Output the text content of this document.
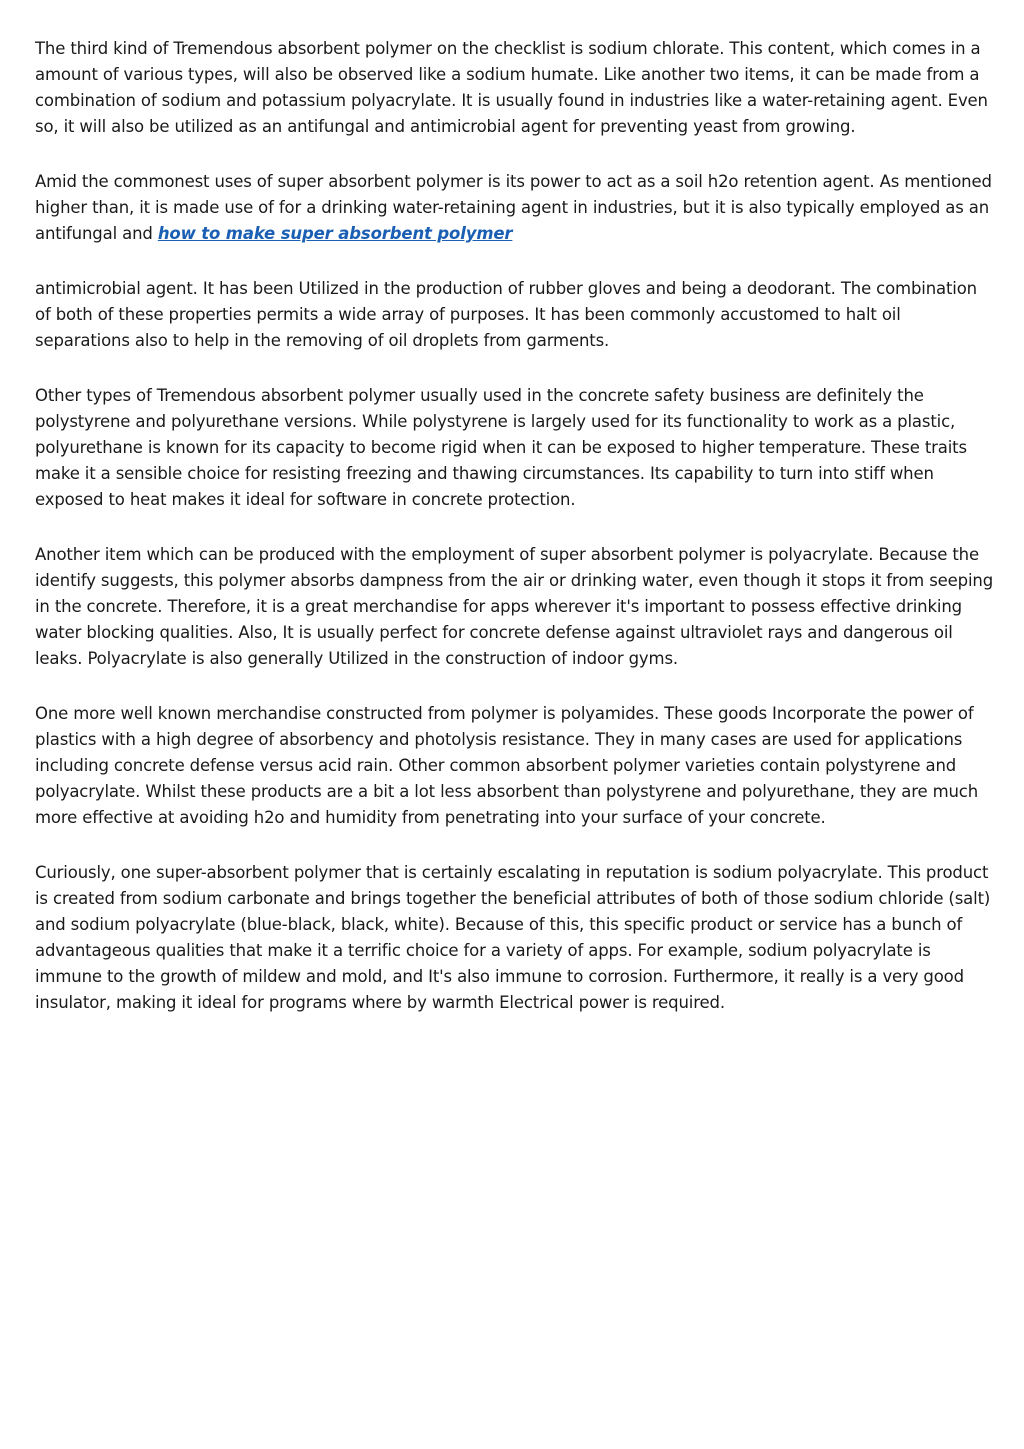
The third kind of Tremendous absorbent polymer on the checklist is sodium chlorate. This content, which comes in a amount of various types, will also be observed like a sodium humate. Like another two items, it can be made from a combination of sodium and potassium polyacrylate. It is usually found in industries like a water-retaining agent. Even so, it will also be utilized as an antifungal and antimicrobial agent for preventing yeast from growing.

Amid the commonest uses of super absorbent polymer is its power to act as a soil h2o retention agent. As mentioned higher than, it is made use of for a drinking water-retaining agent in industries, but it is also typically employed as an antifungal and how to make super absorbent polymer

antimicrobial agent. It has been Utilized in the production of rubber gloves and being a deodorant. The combination of both of these properties permits a wide array of purposes. It has been commonly accustomed to halt oil separations also to help in the removing of oil droplets from garments.

Other types of Tremendous absorbent polymer usually used in the concrete safety business are definitely the polystyrene and polyurethane versions. While polystyrene is largely used for its functionality to work as a plastic, polyurethane is known for its capacity to become rigid when it can be exposed to higher temperature. These traits make it a sensible choice for resisting freezing and thawing circumstances. Its capability to turn into stiff when exposed to heat makes it ideal for software in concrete protection.

Another item which can be produced with the employment of super absorbent polymer is polyacrylate. Because the identify suggests, this polymer absorbs dampness from the air or drinking water, even though it stops it from seeping in the concrete. Therefore, it is a great merchandise for apps wherever it's important to possess effective drinking water blocking qualities. Also, It is usually perfect for concrete defense against ultraviolet rays and dangerous oil leaks. Polyacrylate is also generally Utilized in the construction of indoor gyms.

One more well known merchandise constructed from polymer is polyamides. These goods Incorporate the power of plastics with a high degree of absorbency and photolysis resistance. They in many cases are used for applications including concrete defense versus acid rain. Other common absorbent polymer varieties contain polystyrene and polyacrylate. Whilst these products are a bit a lot less absorbent than polystyrene and polyurethane, they are much more effective at avoiding h2o and humidity from penetrating into your surface of your concrete.

Curiously, one super-absorbent polymer that is certainly escalating in reputation is sodium polyacrylate. This product is created from sodium carbonate and brings together the beneficial attributes of both of those sodium chloride (salt) and sodium polyacrylate (blue-black, black, white). Because of this, this specific product or service has a bunch of advantageous qualities that make it a terrific choice for a variety of apps. For example, sodium polyacrylate is immune to the growth of mildew and mold, and It's also immune to corrosion. Furthermore, it really is a very good insulator, making it ideal for programs where by warmth Electrical power is required.
